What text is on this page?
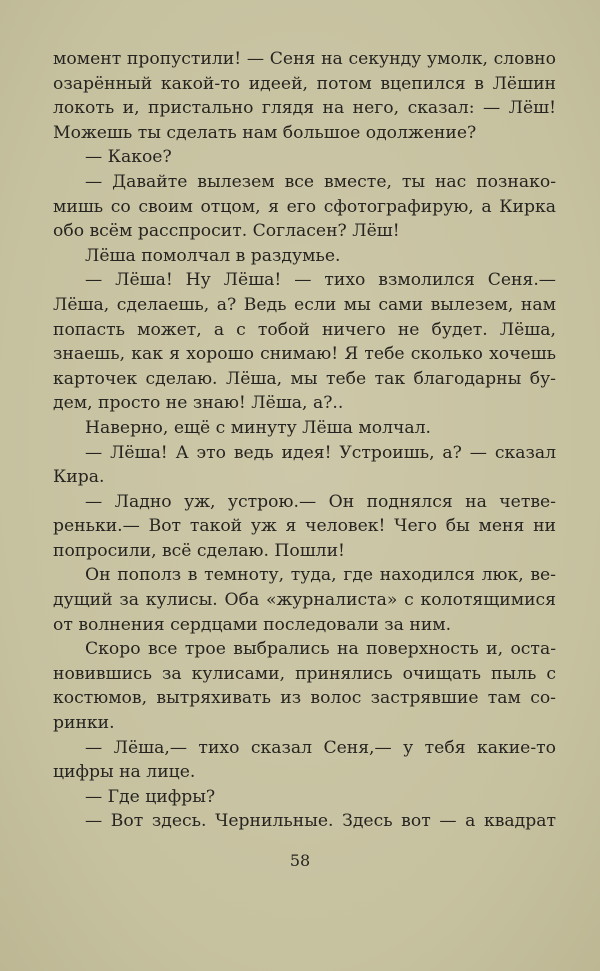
момент пропустили! — Сеня на секунду умолк, словно
озарённый какой-то идеей, потом вцепился в Лёшин
локоть и, пристально глядя на него, сказал: — Лёш!
Можешь ты сделать нам большое одолжение?
— Какое?
— Давайте вылезем все вместе, ты нас познако-
мишь со своим отцом, я его сфотографирую, а Кирка
обо всём расспросит. Согласен? Лёш!
Лёша помолчал в раздумье.
— Лёша! Ну Лёша! — тихо взмолился Сеня.—
Лёша, сделаешь, а? Ведь если мы сами вылезем, нам
попасть может, а с тобой ничего не будет. Лёша,
знаешь, как я хорошо снимаю! Я тебе сколько хочешь
карточек сделаю. Лёша, мы тебе так благодарны бу-
дем, просто не знаю! Лёша, а?..
Наверно, ещё с минуту Лёша молчал.
— Лёша! А это ведь идея! Устроишь, а? — сказал
Кира.
— Ладно уж, устрою.— Он поднялся на четве-
реньки.— Вот такой уж я человек! Чего бы меня ни
попросили, всё сделаю. Пошли!
Он пополз в темноту, туда, где находился люк, ве-
дущий за кулисы. Оба «журналиста» с колотящимися
от волнения сердцами последовали за ним.
Скоро все трое выбрались на поверхность и, оста-
новившись за кулисами, принялись очищать пыль с
костюмов, вытряхивать из волос застрявшие там со-
ринки.
— Лёша,— тихо сказал Сеня,— у тебя какие-то
цифры на лице.
— Где цифры?
— Вот здесь. Чернильные. Здесь вот — а квадрат
58
